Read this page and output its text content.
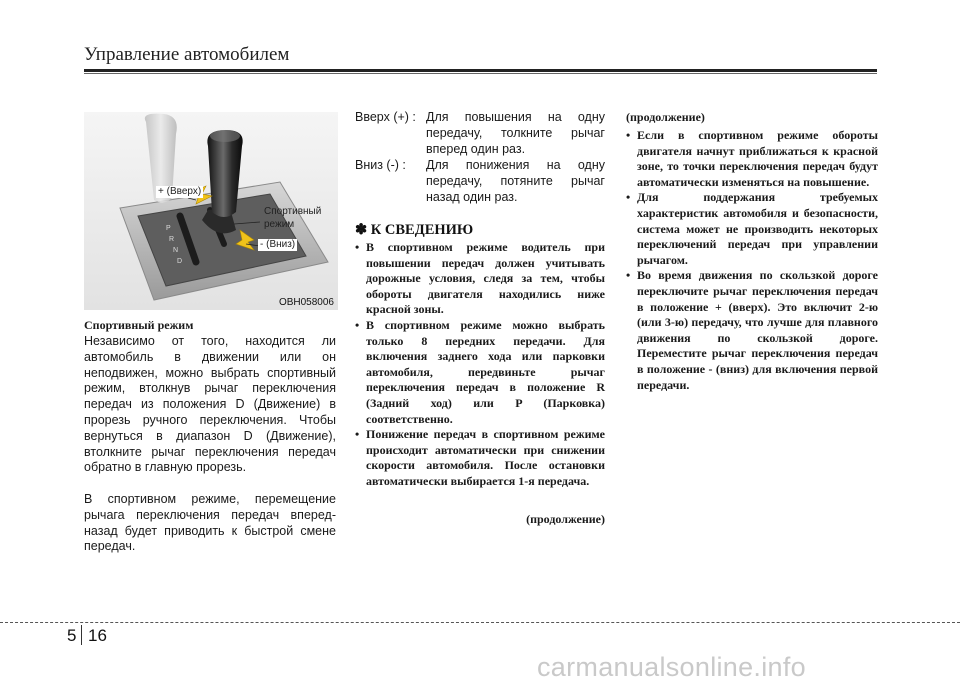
Управление автомобилем
P
R
N
D
+ (Вверх)
Спортивный
режим
- (Вниз)
OBH058006
Спортивный режим

Независимо от того, находится ли автомобиль в движении или он неподвижен, можно выбрать спортивный режим, втолкнув рычаг переключения передач из положения D (Движение) в прорезь ручного переключения. Чтобы вернуться в диапазон D (Движение), втолкните рычаг переключения передач обратно в главную прорезь.

В спортивном режиме, перемещение рычага переключения передач вперед-назад будет приводить к быстрой смене передач.

Вверх (+) : Для повышения на одну передачу, толкните рычаг вперед один раз.
Вниз (-) : Для понижения на одну передачу, потяните рычаг назад один раз.
✽ К СВЕДЕНИЮ
• В спортивном режиме водитель при повышении передач должен учитывать дорожные условия, следя за тем, чтобы обороты двигателя находились ниже красной зоны.
• В спортивном режиме можно выбрать только 8 передних передачи. Для включения заднего хода или парковки автомобиля, передвиньте рычаг переключения передач в положение R (Задний ход) или P (Парковка) соответственно.
• Понижение передач в спортивном режиме происходит автоматически при снижении скорости автомобиля. После остановки автоматически выбирается 1-я передача.
(продолжение)
(продолжение)
• Если в спортивном режиме обороты двигателя начнут приближаться к красной зоне, то точки переключения передач будут автоматически изменяться на повышение.
• Для поддержания требуемых характеристик автомобиля и безопасности, система может не производить некоторых переключений передач при управлении рычагом.
• Во время движения по скользкой дороге переключите рычаг переключения передач в положение + (вверх). Это включит 2-ю (или 3-ю) передачу, что лучше для плавного движения по скользкой дороге. Переместите рычаг переключения передач в положение - (вниз) для включения первой передачи.
5 16
carmanualsonline.info
